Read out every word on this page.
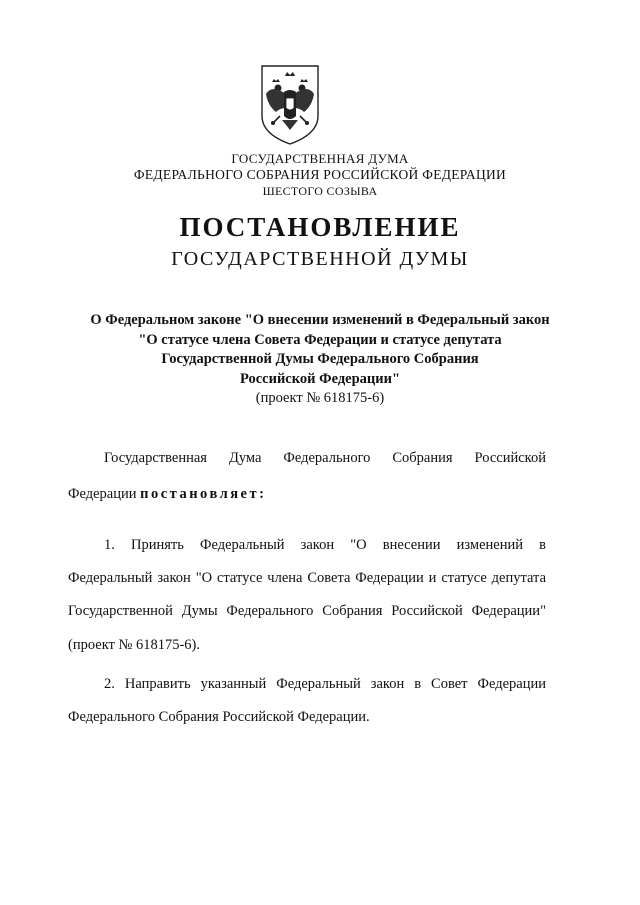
ГОСУДАРСТВЕННАЯ ДУМА
ФЕДЕРАЛЬНОГО СОБРАНИЯ РОССИЙСКОЙ ФЕДЕРАЦИИ
ШЕСТОГО СОЗЫВА
ПОСТАНОВЛЕНИЕ
ГОСУДАРСТВЕННОЙ ДУМЫ
О Федеральном законе "О внесении изменений в Федеральный закон
"О статусе члена Совета Федерации и статусе депутата
Государственной Думы Федерального Собрания
Российской Федерации"
(проект № 618175-6)
Государственная Дума Федерального Собрания Российской
Федерации постановляет:
1. Принять Федеральный закон "О внесении изменений в
Федеральный закон "О статусе члена Совета Федерации и статусе депутата
Государственной Думы Федерального Собрания Российской Федерации"
(проект № 618175-6).
2. Направить указанный Федеральный закон в Совет Федерации
Федерального Собрания Российской Федерации.
